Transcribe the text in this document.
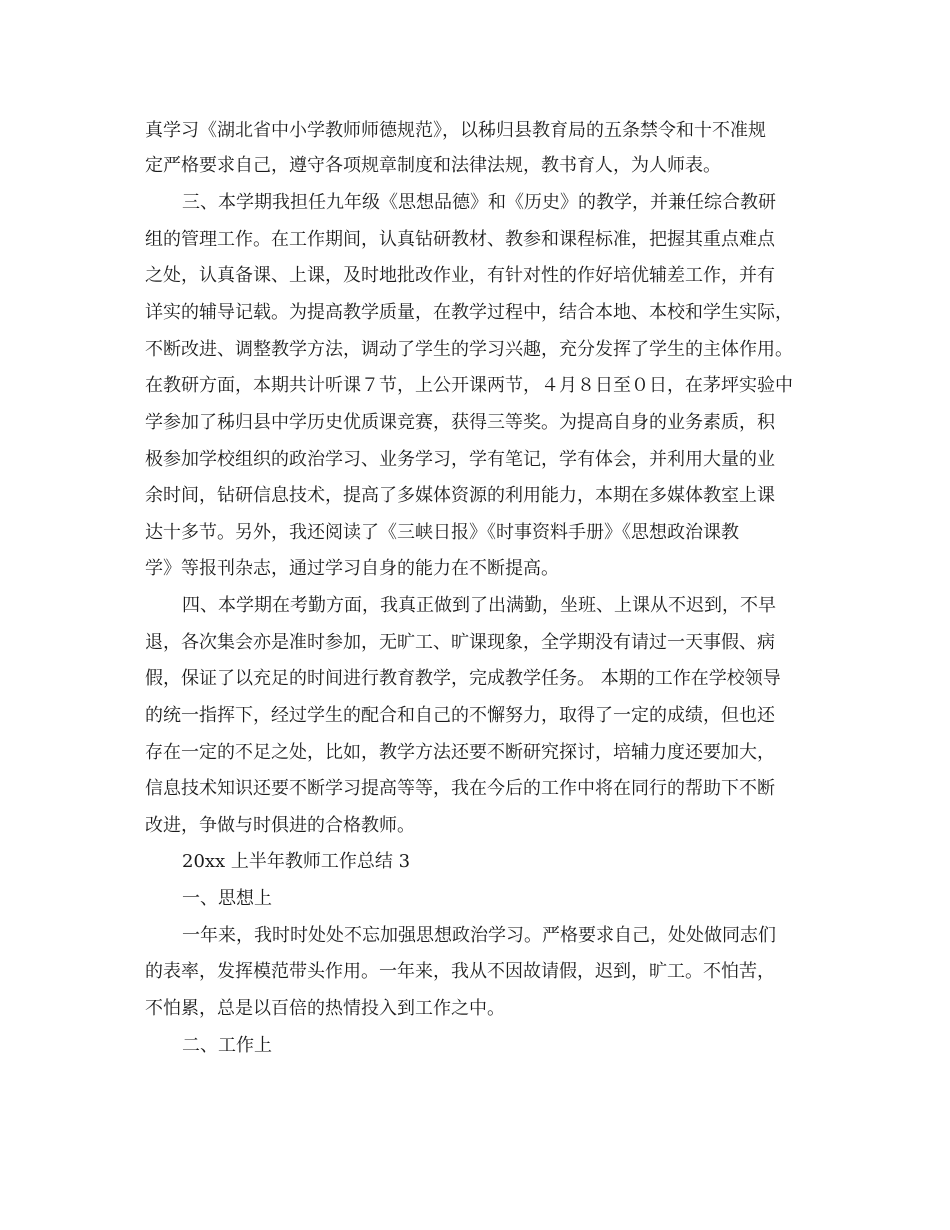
真学习《湖北省中小学教师师德规范》，以秭归县教育局的五条禁令和十不准规
定严格要求自己，遵守各项规章制度和法律法规，教书育人，为人师表。
三、本学期我担任九年级《思想品德》和《历史》的教学，并兼任综合教研
组的管理工作。在工作期间，认真钻研教材、教参和课程标准，把握其重点难点
之处，认真备课、上课，及时地批改作业，有针对性的作好培优辅差工作，并有
详实的辅导记载。为提高教学质量，在教学过程中，结合本地、本校和学生实际，
不断改进、调整教学方法，调动了学生的学习兴趣，充分发挥了学生的主体作用。
在教研方面，本期共计听课７节，上公开课两节，４月８日至０日，在茅坪实验中
学参加了秭归县中学历史优质课竞赛，获得三等奖。为提高自身的业务素质，积
极参加学校组织的政治学习、业务学习，学有笔记，学有体会，并利用大量的业
余时间，钻研信息技术，提高了多媒体资源的利用能力，本期在多媒体教室上课
达十多节。另外，我还阅读了《三峡日报》《时事资料手册》《思想政治课教
学》等报刊杂志，通过学习自身的能力在不断提高。
四、本学期在考勤方面，我真正做到了出满勤，坐班、上课从不迟到，不早
退，各次集会亦是准时参加，无旷工、旷课现象，全学期没有请过一天事假、病
假，保证了以充足的时间进行教育教学，完成教学任务。 本期的工作在学校领导
的统一指挥下，经过学生的配合和自己的不懈努力，取得了一定的成绩，但也还
存在一定的不足之处，比如，教学方法还要不断研究探讨，培辅力度还要加大，
信息技术知识还要不断学习提高等等，我在今后的工作中将在同行的帮助下不断
改进，争做与时俱进的合格教师。
20xx 上半年教师工作总结 3
一、思想上
一年来，我时时处处不忘加强思想政治学习。严格要求自己，处处做同志们
的表率，发挥模范带头作用。一年来，我从不因故请假，迟到，旷工。不怕苦，
不怕累，总是以百倍的热情投入到工作之中。
二、工作上
